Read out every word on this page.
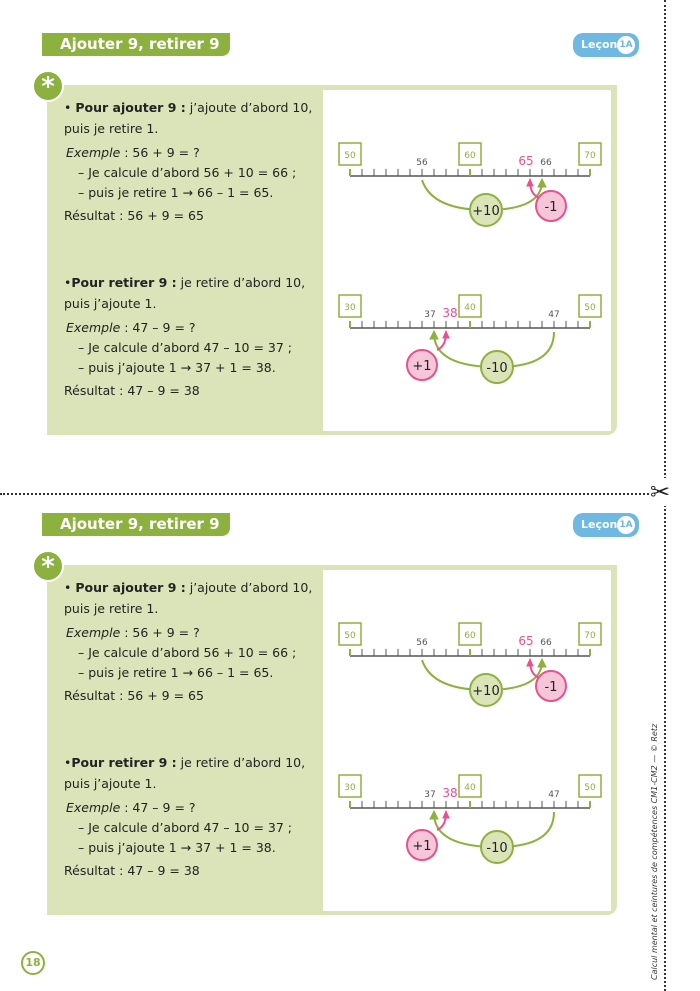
✂
18	Calcul mental et ceintures de compétences CM1-CM2 — © Retz
Ajouter 9, retirer 9	Leçon 1A
*
• Pour ajouter 9 : j’ajoute d’abord 10,
puis je retire 1.
Exemple : 56 + 9 = ?
– Je calcule d’abord 56 + 10 = 66 ;
– puis je retire 1 → 66 – 1 = 65.
Résultat : 56 + 9 = 65
•Pour retirer 9 : je retire d’abord 10,
puis j’ajoute 1.
Exemple : 47 – 9 = ?
– Je calcule d’abord 47 – 10 = 37 ;
– puis j’ajoute 1 → 37 + 1 = 38.
Résultat : 47 – 9 = 38
50	60	70
56	66
65
+10	-1
30	40	50
47
37 38
-10
+1
Ajouter 9, retirer 9	Leçon 1A
*
• Pour ajouter 9 : j’ajoute d’abord 10,
puis je retire 1.
Exemple : 56 + 9 = ?
– Je calcule d’abord 56 + 10 = 66 ;
– puis je retire 1 → 66 – 1 = 65.
Résultat : 56 + 9 = 65
•Pour retirer 9 : je retire d’abord 10,
puis j’ajoute 1.
Exemple : 47 – 9 = ?
– Je calcule d’abord 47 – 10 = 37 ;
– puis j’ajoute 1 → 37 + 1 = 38.
Résultat : 47 – 9 = 38
50	60	70
56	66
65
+10	-1
30	40	50
47
37 38
-10
+1
